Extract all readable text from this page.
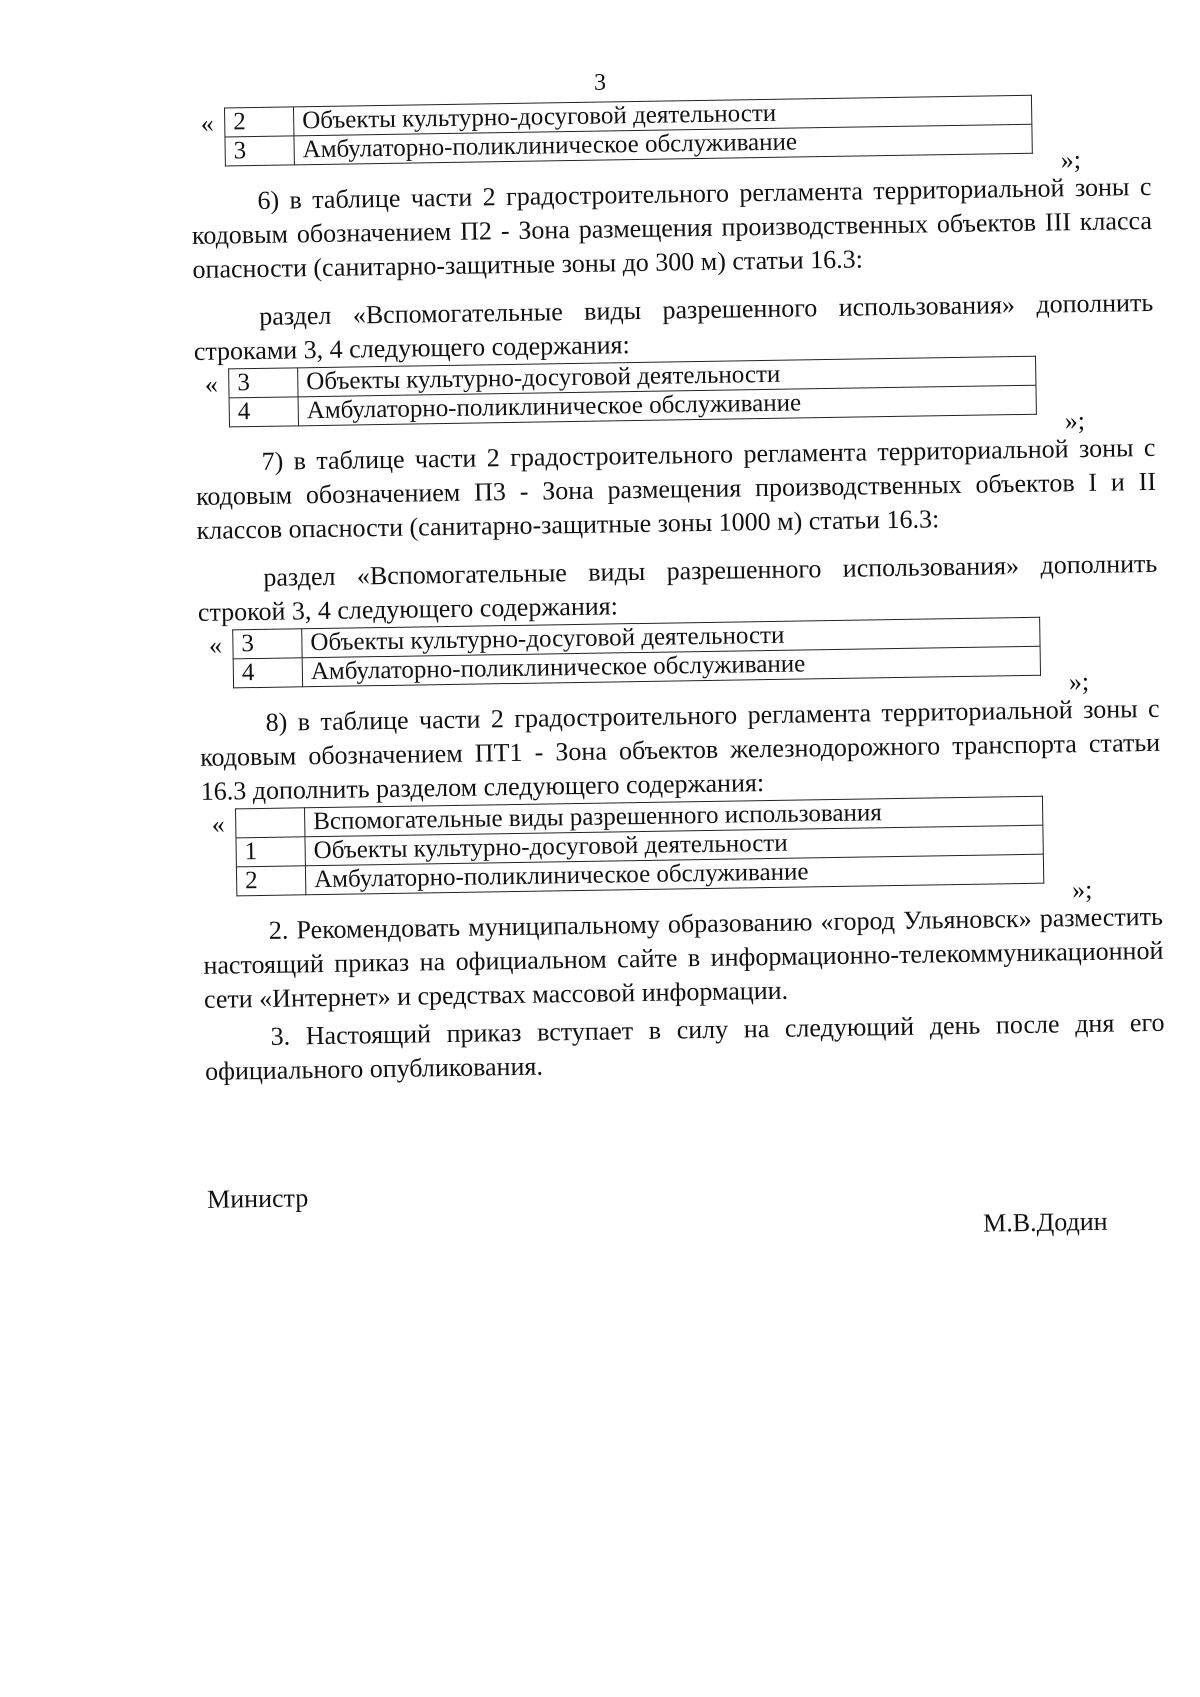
3
« 2	Объекты культурно-досуговой деятельности
3	Амбулаторно-поликлиническое обслуживание	»;
6) в таблице части 2 градостроительного регламента территориальной зоны с кодовым обозначением П2 - Зона размещения производственных объектов III класса опасности (санитарно-защитные зоны до 300 м) статьи 16.3:
раздел «Вспомогательные виды разрешенного использования» дополнить строками 3, 4 следующего содержания:
« 3	Объекты культурно-досуговой деятельности
4	Амбулаторно-поликлиническое обслуживание	»;
7) в таблице части 2 градостроительного регламента территориальной зоны с кодовым обозначением П3 - Зона размещения производственных объектов I и II классов опасности (санитарно-защитные зоны 1000 м) статьи 16.3:
раздел «Вспомогательные виды разрешенного использования» дополнить строкой 3, 4 следующего содержания:
« 3	Объекты культурно-досуговой деятельности
4	Амбулаторно-поликлиническое обслуживание	»;
8) в таблице части 2 градостроительного регламента территориальной зоны с кодовым обозначением ПТ1 - Зона объектов железнодорожного транспорта статьи 16.3 дополнить разделом следующего содержания:
«
		Вспомогательные виды разрешенного использования
1	Объекты культурно-досуговой деятельности
2	Амбулаторно-поликлиническое обслуживание	»;
2. Рекомендовать муниципальному образованию «город Ульяновск» разместить настоящий приказ на официальном сайте в информационно-телекоммуникационной сети «Интернет» и средствах массовой информации.
3. Настоящий приказ вступает в силу на следующий день после дня его официального опубликования.
Министр
М.В.Додин
